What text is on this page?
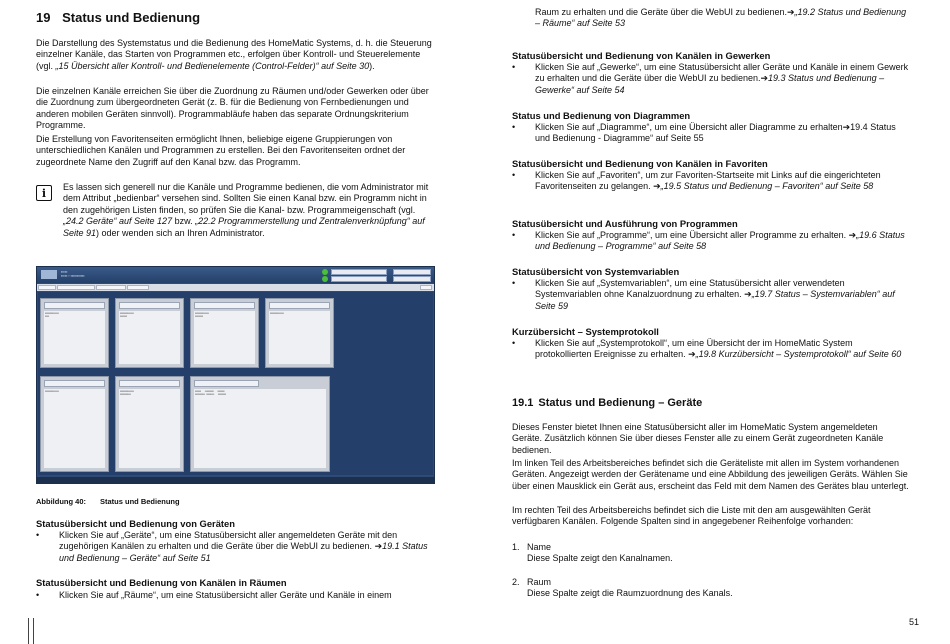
19 Status und Bedienung

Die Darstellung des Systemstatus und die Bedienung des HomeMatic Systems, d. h. die Steuerung einzelner Kanäle, das Starten von Programmen etc., erfolgen über Kontroll- und Steuerelemente (vgl. „15 Übersicht aller Kontroll- und Bedienelemente (Control-Felder)“ auf Seite 30).

Die einzelnen Kanäle erreichen Sie über die Zuordnung zu Räumen und/oder Gewerken oder über die Zuordnung zum übergeordneten Gerät (z. B. für die Bedienung von Fernbedienungen und anderen mobilen Geräten sinnvoll). Programmabläufe haben das separate Ordnungskriterium Programme.

Die Erstellung von Favoritenseiten ermöglicht Ihnen, beliebige eigene Gruppierungen von unterschiedlichen Kanälen und Programmen zu erstellen. Bei den Favoritenseiten ordnet der zugeordnete Name den Zugriff auf den Kanal bzw. das Programm.

i Es lassen sich generell nur die Kanäle und Programme bedienen, die vom Administrator mit dem Attribut „bedienbar“ versehen sind. Sollten Sie einen Kanal bzw. ein Programm nicht in den zugehörigen Listen finden, so prüfen Sie die Kanal- bzw. Programmeigenschaft (vgl. „24.2 Geräte“ auf Seite 127 bzw. „22.2 Programmerstellung und Zentralenverknüpfung“ auf Seite 91) oder wenden sich an Ihren Administrator.

▪▪▪▪▪
▪▪▪▪▪ › ▪▪▪▪▪▪▪▪▪▪▪
▪▪▪▪▪▪▪▪▪▪▪▪▪▪
▪▪▪▪
▪▪▪▪▪▪▪▪▪▪▪▪▪▪
▪▪▪▪▪▪▪
▪▪▪▪▪▪▪▪▪▪▪▪▪▪
▪▪▪▪▪▪▪▪
▪▪▪▪▪▪▪▪▪▪▪▪▪▪
▪▪▪▪▪▪▪▪▪▪▪▪▪▪	▪▪▪▪▪▪▪▪▪▪▪▪▪▪
▪▪▪▪▪▪▪▪▪▪▪
▪▪▪▪▪▪     ▪▪▪▪▪▪▪▪▪     ▪▪▪▪▪▪▪
▪▪▪▪▪▪▪▪▪▪  ▪▪▪▪▪▪▪▪     ▪▪▪▪▪▪▪▪
Abbildung 40: Status und Bedienung
Statusübersicht und Bedienung von Geräten
• Klicken Sie auf „Geräte“, um eine Statusübersicht aller angemeldeten Geräte mit den zugehörigen Kanälen zu erhalten und die Geräte über die WebUI zu bedienen. ➔19.1 Status und Bedienung – Geräte“ auf Seite 51
Statusübersicht und Bedienung von Kanälen in Räumen
• Klicken Sie auf „Räume“, um eine Statusübersicht aller Geräte und Kanäle in einem
Raum zu erhalten und die Geräte über die WebUI zu bedienen.➔„19.2 Status und Bedienung – Räume“ auf Seite 53
Statusübersicht und Bedienung von Kanälen in Gewerken
• Klicken Sie auf „Gewerke“, um eine Statusübersicht aller Geräte und Kanäle in einem Gewerk zu erhalten und die Geräte über die WebUI zu bedienen.➔19.3 Status und Bedienung – Gewerke“ auf Seite 54
Status und Bedienung von Diagrammen
• Klicken Sie auf „Diagramme“, um eine Übersicht aller Diagramme zu erhalten➔19.4 Status und Bedienung - Diagramme“ auf Seite 55
Statusübersicht und Bedienung von Kanälen in Favoriten
• Klicken Sie auf „Favoriten“, um zur Favoriten-Startseite mit Links auf die eingerichteten Favoritenseiten zu gelangen. ➔„19.5 Status und Bedienung – Favoriten“ auf Seite 58
Statusübersicht und Ausführung von Programmen
• Klicken Sie auf „Programme“, um eine Übersicht aller Programme zu erhalten. ➔„19.6 Status und Bedienung – Programme“ auf Seite 58
Statusübersicht von Systemvariablen
• Klicken Sie auf „Systemvariablen“, um eine Statusübersicht aller verwendeten Systemvariablen ohne Kanalzuordnung zu erhalten. ➔„19.7 Status – Systemvariablen“ auf Seite 59
Kurzübersicht – Systemprotokoll
• Klicken Sie auf „Systemprotokoll“, um eine Übersicht der im HomeMatic System protokollierten Ereignisse zu erhalten. ➔„19.8 Kurzübersicht – Systemprotokoll“ auf Seite 60
19.1 Status und Bedienung – Geräte

Dieses Fenster bietet Ihnen eine Statusübersicht aller im HomeMatic System angemeldeten Geräte. Zusätzlich können Sie über dieses Fenster alle zu einem Gerät zugeordneten Kanäle bedienen.

Im linken Teil des Arbeitsbereiches befindet sich die Geräteliste mit allen im System vorhandenen Geräten. Angezeigt werden der Gerätename und eine Abbildung des jeweiligen Geräts. Wählen Sie über einen Mausklick ein Gerät aus, erscheint das Feld mit dem Namen des Gerätes blau unterlegt.

Im rechten Teil des Arbeitsbereichs befindet sich die Liste mit den am ausgewählten Gerät verfügbaren Kanälen. Folgende Spalten sind in angegebener Reihenfolge vorhanden:

1. Name
Diese Spalte zeigt den Kanalnamen.
2. Raum
Diese Spalte zeigt die Raumzuordnung des Kanals.
51
